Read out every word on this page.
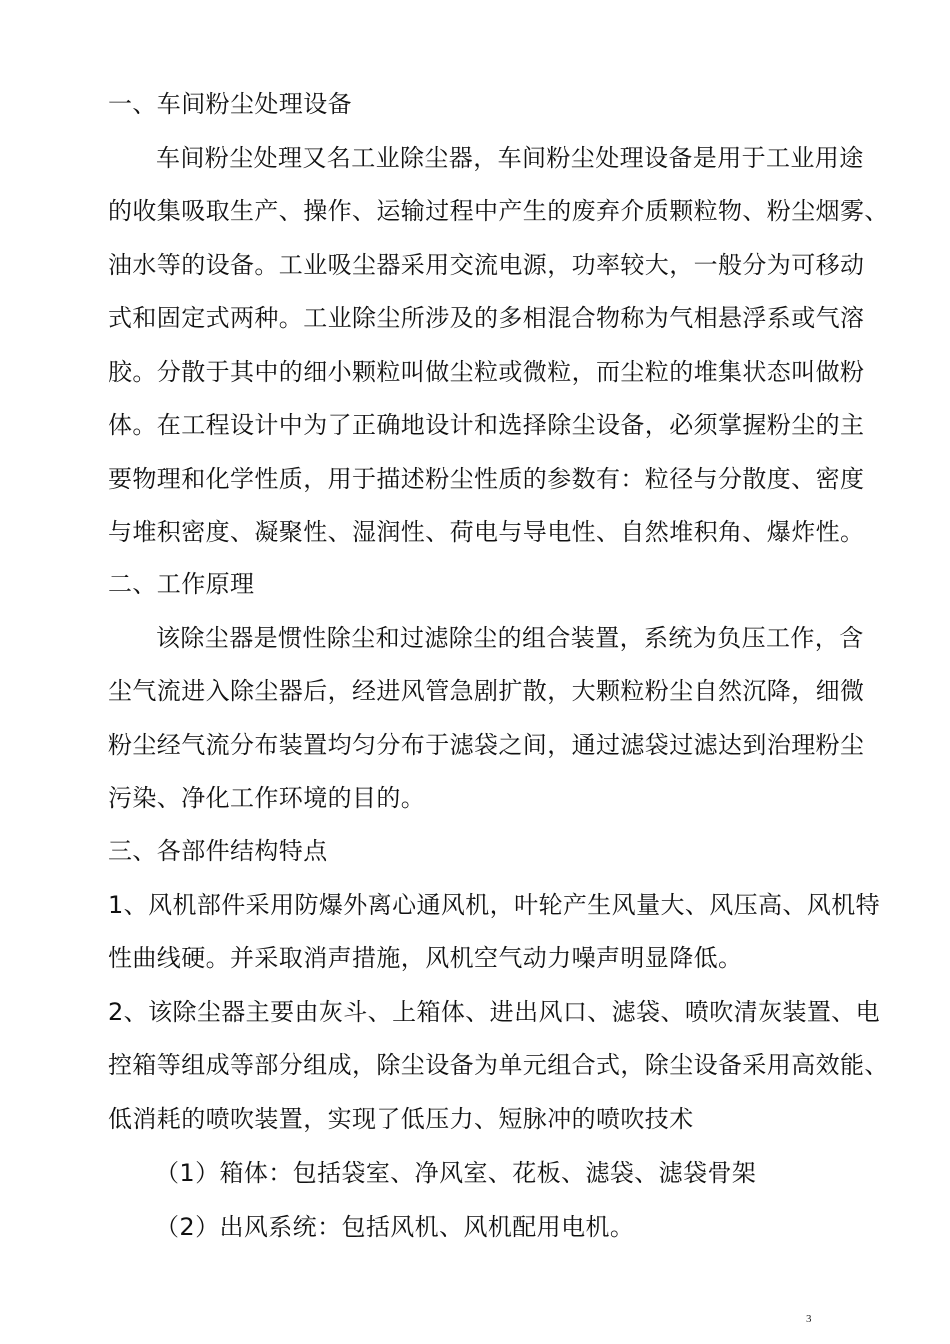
一、车间粉尘处理设备
车间粉尘处理又名工业除尘器，车间粉尘处理设备是用于工业用途
的收集吸取生产、操作、运输过程中产生的废弃介质颗粒物、粉尘烟雾、
油水等的设备。工业吸尘器采用交流电源，功率较大，一般分为可移动
式和固定式两种。工业除尘所涉及的多相混合物称为气相悬浮系或气溶
胶。分散于其中的细小颗粒叫做尘粒或微粒，而尘粒的堆集状态叫做粉
体。在工程设计中为了正确地设计和选择除尘设备，必须掌握粉尘的主
要物理和化学性质，用于描述粉尘性质的参数有：粒径与分散度、密度
与堆积密度、凝聚性、湿润性、荷电与导电性、自然堆积角、爆炸性。
二、工作原理
该除尘器是惯性除尘和过滤除尘的组合装置，系统为负压工作，含
尘气流进入除尘器后，经进风管急剧扩散，大颗粒粉尘自然沉降，细微
粉尘经气流分布装置均匀分布于滤袋之间，通过滤袋过滤达到治理粉尘
污染、净化工作环境的目的。
三、各部件结构特点
1、风机部件采用防爆外离心通风机，叶轮产生风量大、风压高、风机特
性曲线硬。并采取消声措施，风机空气动力噪声明显降低。
2、该除尘器主要由灰斗、上箱体、进出风口、滤袋、喷吹清灰装置、电
控箱等组成等部分组成，除尘设备为单元组合式，除尘设备采用高效能、
低消耗的喷吹装置，实现了低压力、短脉冲的喷吹技术
（1）箱体：包括袋室、净风室、花板、滤袋、滤袋骨架
（2）出风系统：包括风机、风机配用电机。
3
